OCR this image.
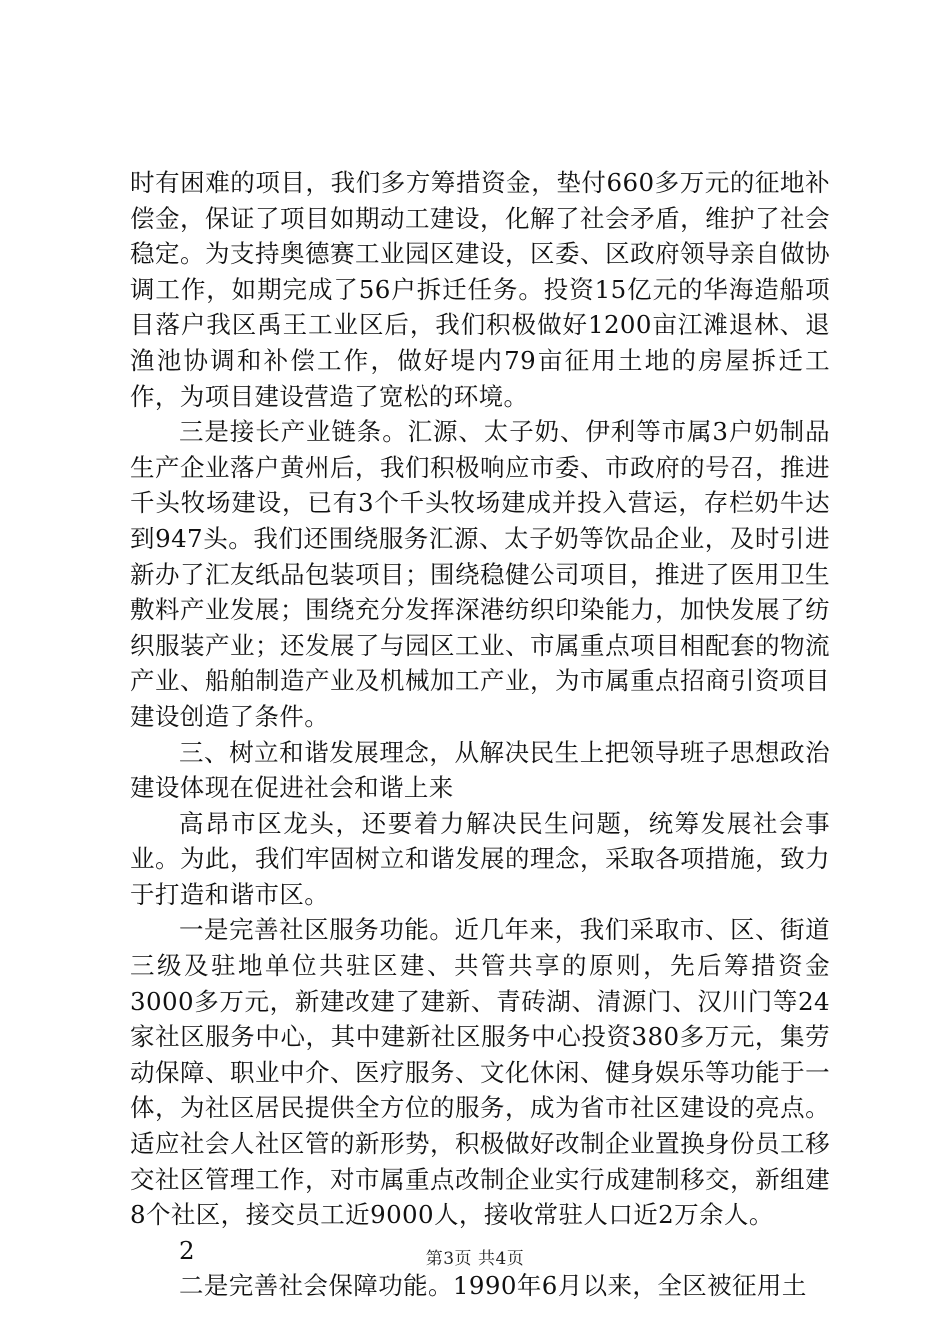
时有困难的项目，我们多方筹措资金，垫付660多万元的征地补偿金，保证了项目如期动工建设，化解了社会矛盾，维护了社会稳定。为支持奥德赛工业园区建设，区委、区政府领导亲自做协调工作，如期完成了56户拆迁任务。投资15亿元的华海造船项目落户我区禹王工业区后，我们积极做好1200亩江滩退林、退渔池协调和补偿工作，做好堤内79亩征用土地的房屋拆迁工作，为项目建设营造了宽松的环境。

三是接长产业链条。汇源、太子奶、伊利等市属3户奶制品生产企业落户黄州后，我们积极响应市委、市政府的号召，推进千头牧场建设，已有3个千头牧场建成并投入营运，存栏奶牛达到947头。我们还围绕服务汇源、太子奶等饮品企业，及时引进新办了汇友纸品包装项目；围绕稳健公司项目，推进了医用卫生敷料产业发展；围绕充分发挥深港纺织印染能力，加快发展了纺织服装产业；还发展了与园区工业、市属重点项目相配套的物流产业、船舶制造产业及机械加工产业，为市属重点招商引资项目建设创造了条件。

三、树立和谐发展理念，从解决民生上把领导班子思想政治建设体现在促进社会和谐上来

高昂市区龙头，还要着力解决民生问题，统筹发展社会事业。为此，我们牢固树立和谐发展的理念，采取各项措施，致力于打造和谐市区。

一是完善社区服务功能。近几年来，我们采取市、区、街道三级及驻地单位共驻区建、共管共享的原则，先后筹措资金3000多万元，新建改建了建新、青砖湖、清源门、汉川门等24家社区服务中心，其中建新社区服务中心投资380多万元，集劳动保障、职业中介、医疗服务、文化休闲、健身娱乐等功能于一体，为社区居民提供全方位的服务，成为省市社区建设的亮点。适应社会人社区管的新形势，积极做好改制企业置换身份员工移交社区管理工作，对市属重点改制企业实行成建制移交，新组建8个社区，接交员工近9000人，接收常驻人口近2万余人。

2

二是完善社会保障功能。1990年6月以来，全区被征用土

第3页 共4页
